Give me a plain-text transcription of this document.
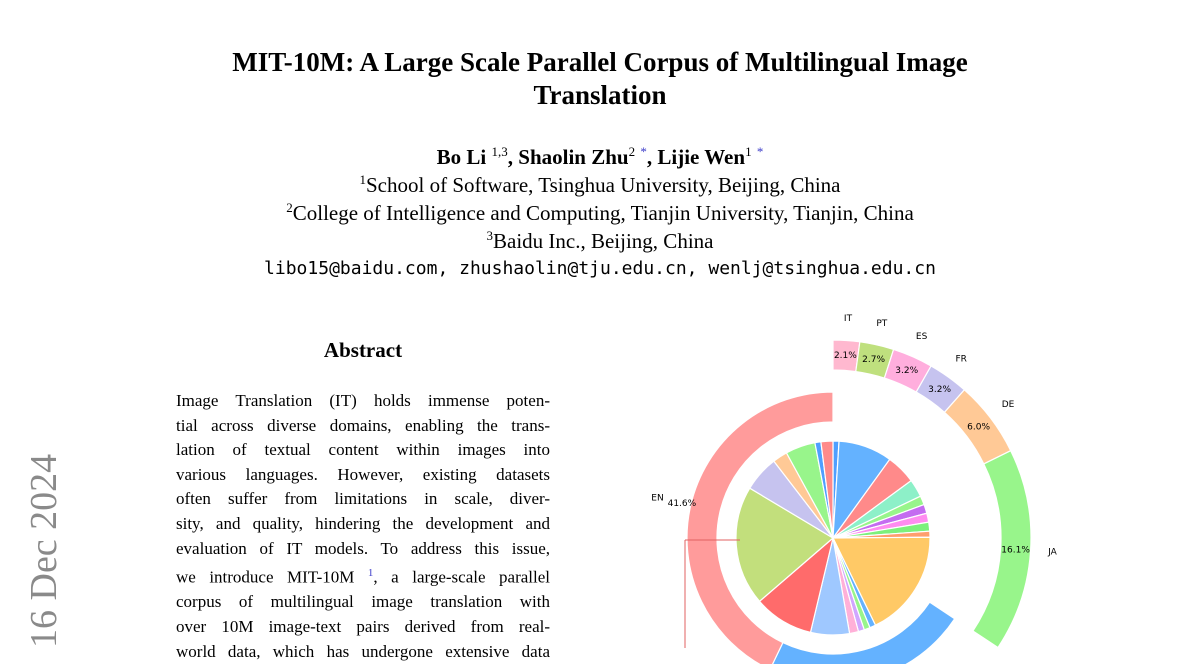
16 Dec 2024
MIT-10M: A Large Scale Parallel Corpus of Multilingual Image
Translation
Bo Li $^{1,3}$, Shaolin Zhu$^2$ *, Lijie Wen$^1$ *
$^1$School of Software, Tsinghua University, Beijing, China
$^2$College of Intelligence and Computing, Tianjin University, Tianjin, China
$^3$Baidu Inc., Beijing, China
libo15@baidu.com, zhushaolin@tju.edu.cn, wenlj@tsinghua.edu.cn
Abstract
Image Translation (IT) holds immense poten-
tial across diverse domains, enabling the trans-
lation of textual content within images into
various languages. However, existing datasets
often suffer from limitations in scale, diver-
sity, and quality, hindering the development and
evaluation of IT models. To address this issue,
we introduce MIT-10M $^1$, a large-scale parallel
corpus of multilingual image translation with
over 10M image-text pairs derived from real-
world data, which has undergone extensive data
2.1%
IT
2.7%
PT
3.2%
ES
3.2%
FR
6.0%
DE
16.1% JA
41.6%
EN
